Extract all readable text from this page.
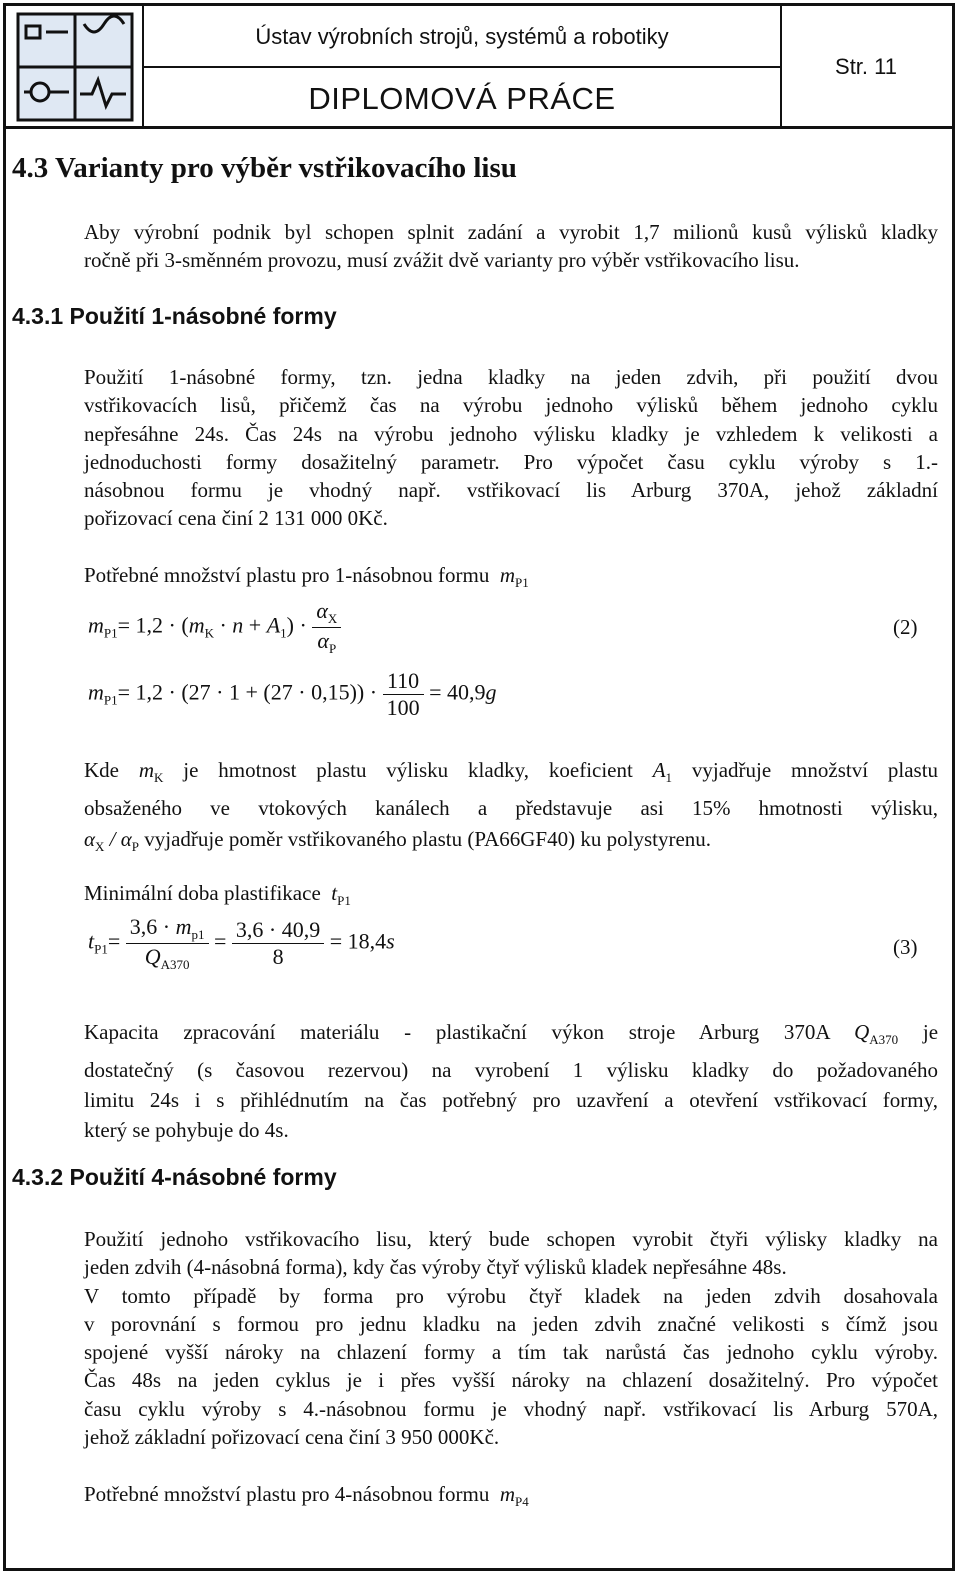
Ústav výrobních strojů, systémů a robotiky
DIPLOMOVÁ PRÁCE
Str. 11
4.3 Varianty pro výběr vstřikovacího lisu
Aby výrobní podnik byl schopen splnit zadání a vyrobit 1,7 milionů kusů výlisků kladky
ročně při 3-směnném provozu, musí zvážit dvě varianty pro výběr vstřikovacího lisu.
4.3.1 Použití 1-násobné formy
Použití 1-násobné formy, tzn. jedna kladky na jeden zdvih, při použití dvou
vstřikovacích lisů, přičemž čas na výrobu jednoho výlisků během jednoho cyklu
nepřesáhne 24s. Čas 24s na výrobu jednoho výlisku kladky je vzhledem k velikosti a
jednoduchosti formy dosažitelný parametr. Pro výpočet času cyklu výroby s 1.-
násobnou formu je vhodný např. vstřikovací lis Arburg 370A, jehož základní
pořizovací cena činí 2 131 000 0Kč.
Potřebné množství plastu pro 1-násobnou formu  $m_{P1}$
$m_{P1}= 1,2 \cdot (m_K \cdot n + A_1) \cdot \frac{\alpha_X}{\alpha_P}$	(2)
$m_{P1}= 1,2 \cdot (27 \cdot 1 + (27 \cdot 0,15)) \cdot \frac{110}{100} = 40,9g$
Kde $m_K$ je hmotnost plastu výlisku kladky, koeficient $A_1$ vyjadřuje množství plastu
obsaženého ve vtokových kanálech a představuje asi 15% hmotnosti výlisku,
$\alpha_X / \alpha_P$ vyjadřuje poměr vstřikovaného plastu (PA66GF40) ku polystyrenu.
Minimální doba plastifikace  $t_{P1}$
$t_{P1}= \frac{3,6 \cdot m_{p1}}{Q_{A370}} = \frac{3,6 \cdot 40,9}{8} = 18,4s$	(3)
Kapacita zpracování materiálu - plastikační výkon stroje Arburg 370A $Q_{A370}$ je
dostatečný (s časovou rezervou) na vyrobení 1 výlisku kladky do požadovaného
limitu 24s i s přihlédnutím na čas potřebný pro uzavření a otevření vstřikovací formy,
který se pohybuje do 4s.
4.3.2 Použití 4-násobné formy
Použití jednoho vstřikovacího lisu, který bude schopen vyrobit čtyři výlisky kladky na
jeden zdvih (4-násobná forma), kdy čas výroby čtyř výlisků kladek nepřesáhne 48s.
V tomto případě by forma pro výrobu čtyř kladek na jeden zdvih dosahovala
v porovnání s formou pro jednu kladku na jeden zdvih značné velikosti s čímž jsou
spojené vyšší nároky na chlazení formy a tím tak narůstá čas jednoho cyklu výroby.
Čas 48s na jeden cyklus je i přes vyšší nároky na chlazení dosažitelný. Pro výpočet
času cyklu výroby s 4.-násobnou formu je vhodný např. vstřikovací lis Arburg 570A,
jehož základní pořizovací cena činí 3 950 000Kč.
Potřebné množství plastu pro 4-násobnou formu  $m_{P4}$
